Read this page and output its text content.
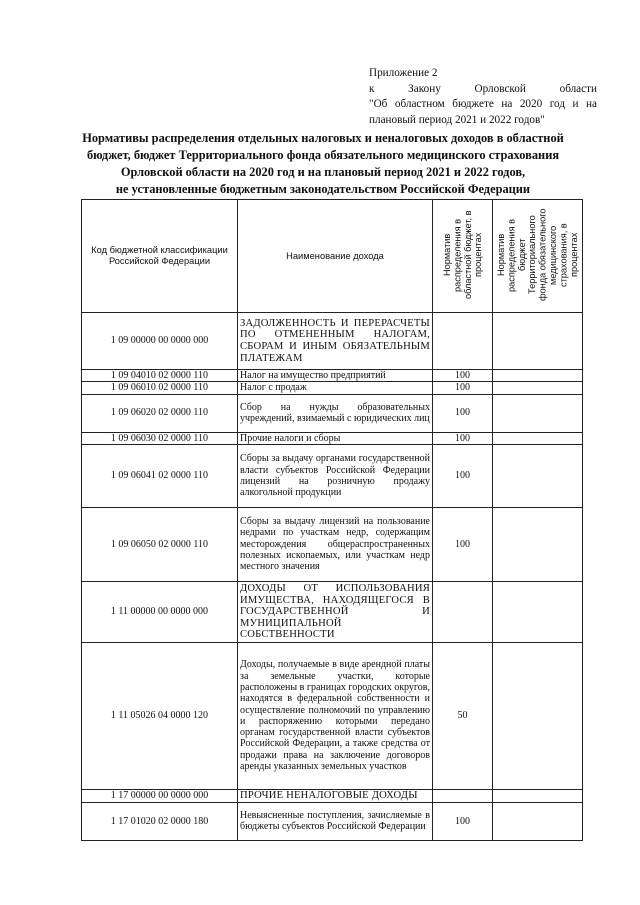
Приложение 2
к Закону Орловской области
"Об областном бюджете на 2020 год и на
плановый период 2021 и 2022 годов"
Нормативы распределения отдельных налоговых и неналоговых доходов в областной
бюджет, бюджет Территориального фонда обязательного медицинского страхования
Орловской области на 2020 год и на плановый период 2021 и 2022 годов,
не установленные бюджетным законодательством Российской Федерации
Код бюджетной классификации Российской Федерации	Наименование дохода	Норматив распределения в областной бюджет, в процентах	Норматив распределения в бюджет Территориального фонда обязательного медицинского страхования, в процентах
1 09 00000 00 0000 000	ЗАДОЛЖЕННОСТЬ И ПЕРЕРАСЧЕТЫ ПО ОТМЕНЕННЫМ НАЛОГАМ, СБОРАМ И ИНЫМ ОБЯЗАТЕЛЬНЫМ ПЛАТЕЖАМ		
1 09 04010 02 0000 110	Налог на имущество предприятий	100	
1 09 06010 02 0000 110	Налог с продаж	100	
1 09 06020 02 0000 110	Сбор на нужды образовательных учреждений, взимаемый с юридических лиц	100	
1 09 06030 02 0000 110	Прочие налоги и сборы	100	
1 09 06041 02 0000 110	Сборы за выдачу органами государственной власти субъектов Российской Федерации лицензий на розничную продажу алкогольной продукции	100	
1 09 06050 02 0000 110	Сборы за выдачу лицензий на пользование недрами по участкам недр, содержащим месторождения общераспространенных полезных ископаемых, или участкам недр местного значения	100	
1 11 00000 00 0000 000	ДОХОДЫ ОТ ИСПОЛЬЗОВАНИЯ ИМУЩЕСТВА, НАХОДЯЩЕГОСЯ В ГОСУДАРСТВЕННОЙ И МУНИЦИПАЛЬНОЙ СОБСТВЕННОСТИ		
1 11 05026 04 0000 120	Доходы, получаемые в виде арендной платы за земельные участки, которые расположены в границах городских округов, находятся в федеральной собственности и осуществление полномочий по управлению и распоряжению которыми передано органам государственной власти субъектов Российской Федерации, а также средства от продажи права на заключение договоров аренды указанных земельных участков	50	
1 17 00000 00 0000 000	ПРОЧИЕ НЕНАЛОГОВЫЕ ДОХОДЫ		
1 17 01020 02 0000 180	Невыясненные поступления, зачисляемые в бюджеты субъектов Российской Федерации	100	
